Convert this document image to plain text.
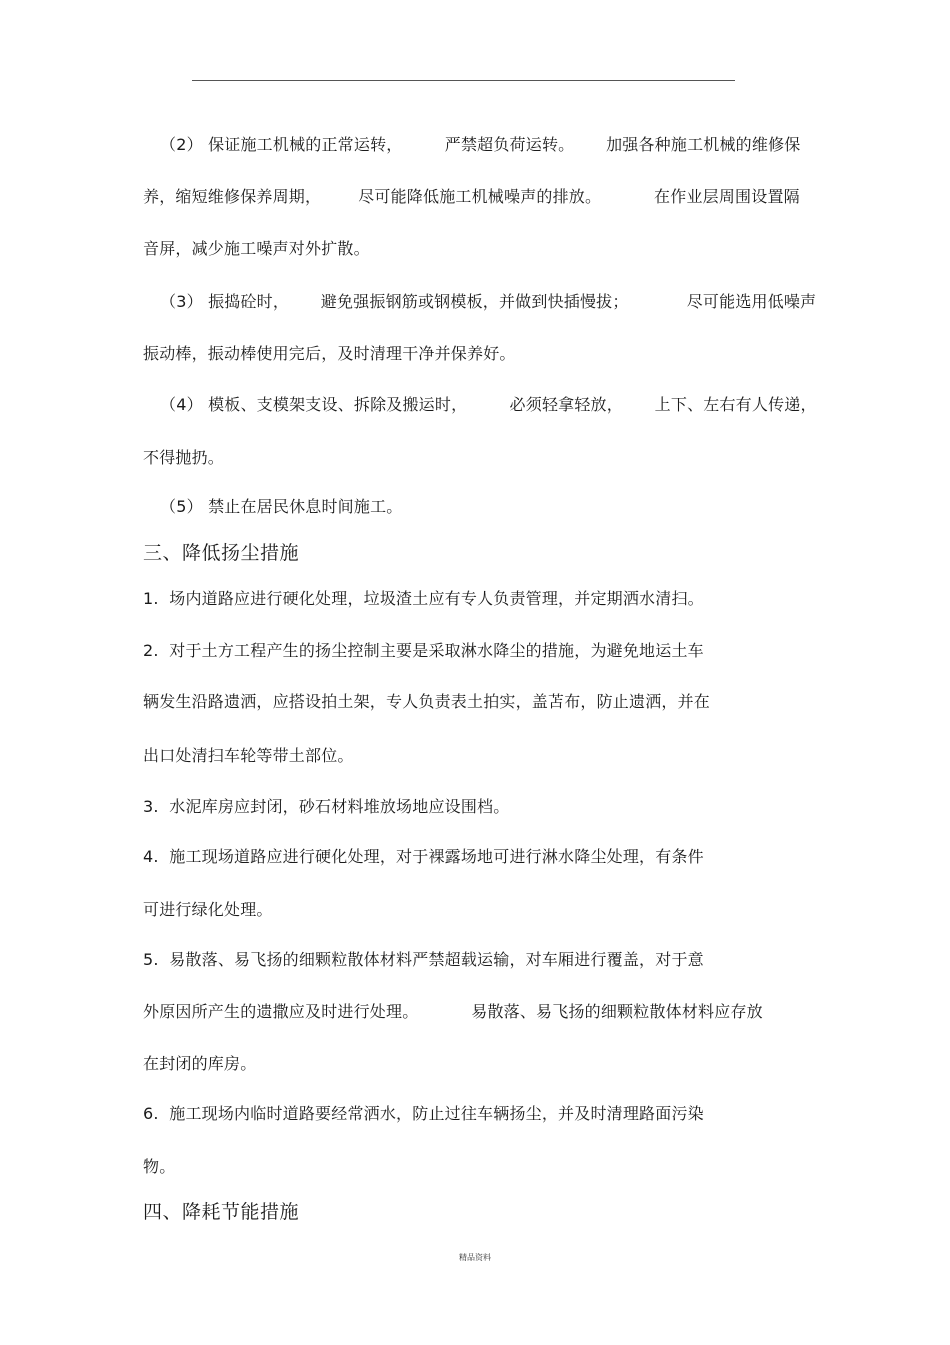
（2） 保证施工机械的正常运转，        严禁超负荷运转。      加强各种施工机械的维修保

养，缩短维修保养周期，       尽可能降低施工机械噪声的排放。          在作业层周围设置隔

音屏，减少施工噪声对外扩散。

（3） 振捣砼时，      避免强振钢筋或钢模板，并做到快插慢拔；           尽可能选用低噪声

振动棒，振动棒使用完后，及时清理干净并保养好。

（4） 模板、支模架支设、拆除及搬运时，        必须轻拿轻放，      上下、左右有人传递，

不得抛扔。

（5） 禁止在居民休息时间施工。

三、降低扬尘措施

1.  场内道路应进行硬化处理，垃圾渣土应有专人负责管理，并定期洒水清扫。

2.  对于土方工程产生的扬尘控制主要是采取淋水降尘的措施，为避免地运土车

辆发生沿路遗洒，应搭设拍土架，专人负责表土拍实，盖苫布，防止遗洒，并在

出口处清扫车轮等带土部位。

3.  水泥库房应封闭，砂石材料堆放场地应设围档。

4.  施工现场道路应进行硬化处理，对于裸露场地可进行淋水降尘处理，有条件

可进行绿化处理。

5.  易散落、易飞扬的细颗粒散体材料严禁超载运输，对车厢进行覆盖，对于意

外原因所产生的遗撒应及时进行处理。          易散落、易飞扬的细颗粒散体材料应存放

在封闭的库房。

6.  施工现场内临时道路要经常洒水，防止过往车辆扬尘，并及时清理路面污染

物。

四、降耗节能措施

精品资料
